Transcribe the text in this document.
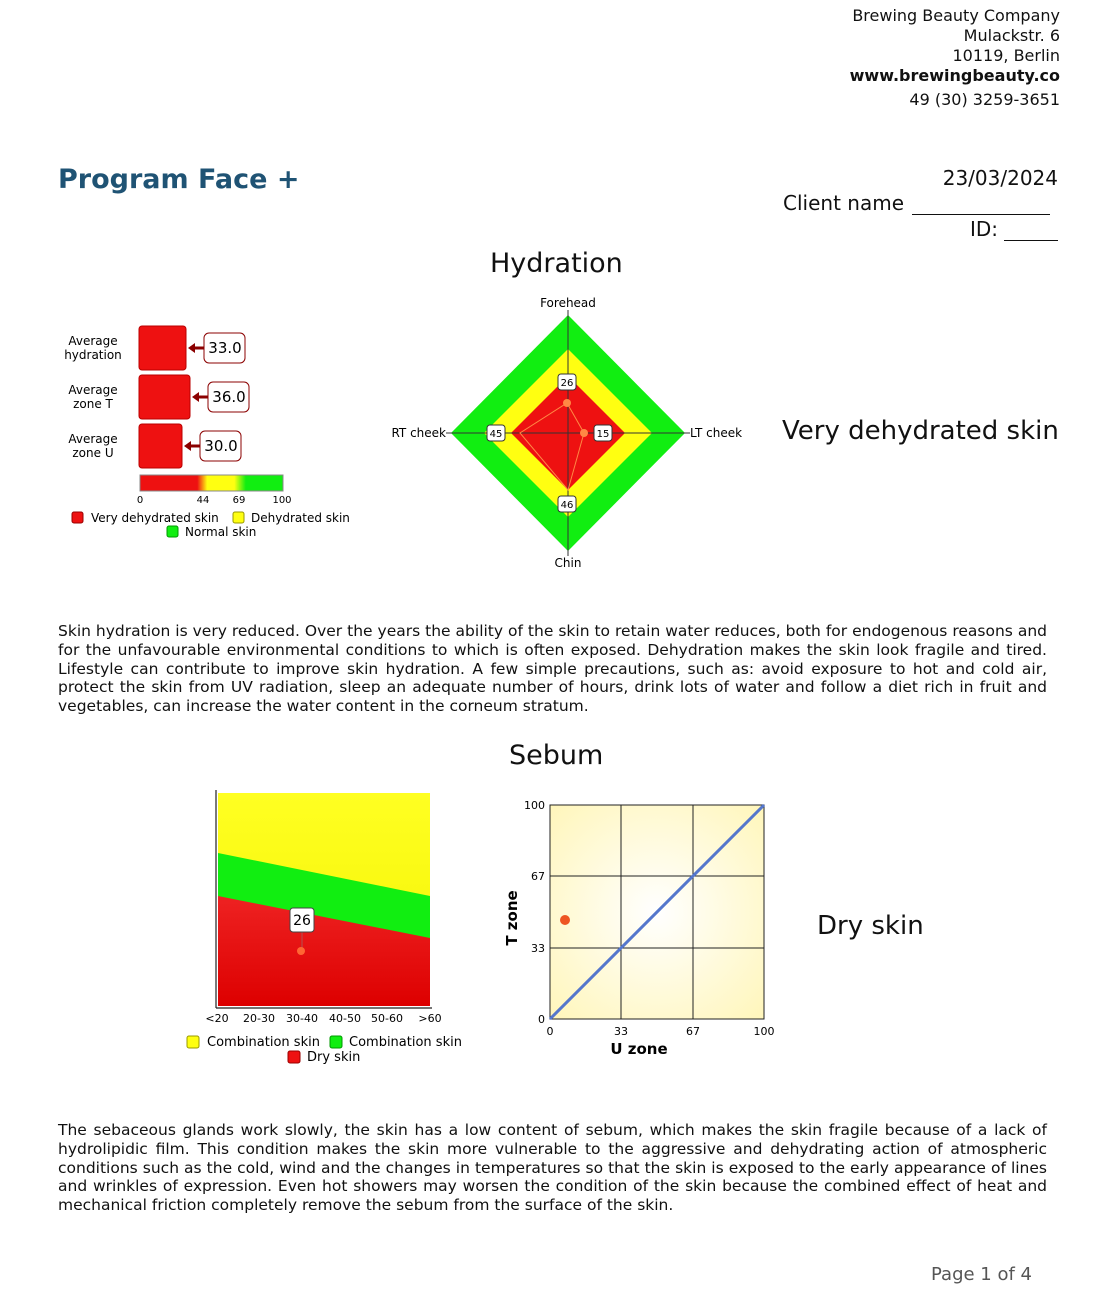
Brewing Beauty Company
Mulackstr. 6
10119, Berlin
www.brewingbeauty.co
49 (30) 3259-3651
Program Face +	23/03/2024
Client name
ID:
Hydration
Average
hydration	33.0
Average
zone T	36.0
Average
zone U	30.0
0	44 69	100
Very dehydrated skin	Dehydrated skin
Normal skin
Forehead
LT cheek
Chin
RT cheek
26
15
46
45	Very dehydrated skin
Skin hydration is very reduced. Over the years the ability of the skin to retain water reduces, both for endogenous reasons and for the unfavourable environmental conditions to which is often exposed. Dehydration makes the skin look fragile and tired. Lifestyle can contribute to improve skin hydration. A few simple precautions, such as: avoid exposure to hot and cold air, protect the skin from UV radiation, sleep an adequate number of hours, drink lots of water and follow a diet rich in fruit and vegetables, can increase the water content in the corneum stratum.
Sebum
26
<20 20-30 30-40 40-50 50-60 >60
Combination skin Combination skin
Dry skin
100
67
33
0
0	33	67	100
U zone
T zone	Dry skin
The sebaceous glands work slowly, the skin has a low content of sebum, which makes the skin fragile because of a lack of hydrolipidic film. This condition makes the skin more vulnerable to the aggressive and dehydrating action of atmospheric conditions such as the cold, wind and the changes in temperatures so that the skin is exposed to the early appearance of lines and wrinkles of expression. Even hot showers may worsen the condition of the skin because the combined effect of heat and mechanical friction completely remove the sebum from the surface of the skin.
Page 1 of 4
